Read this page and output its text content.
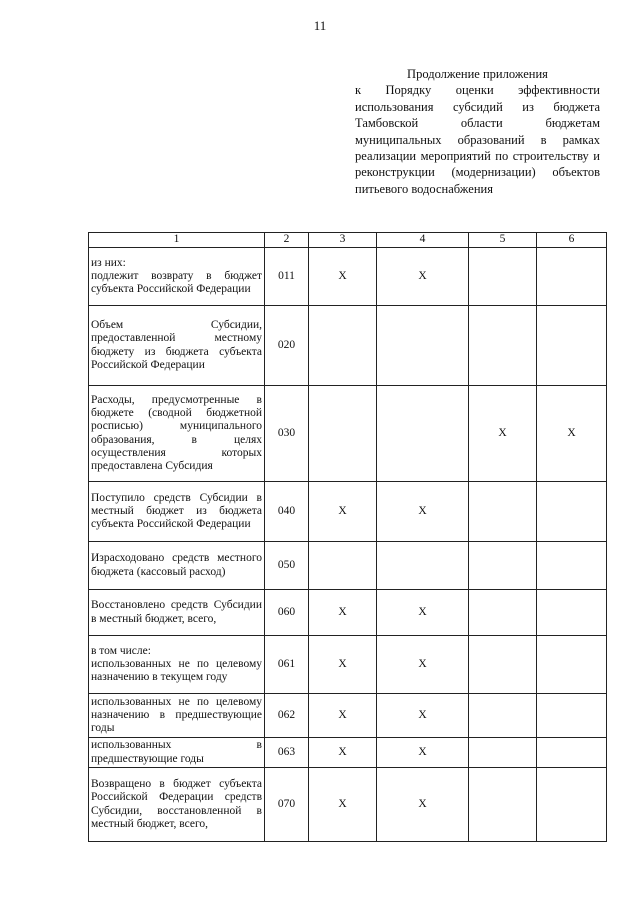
11
Продолжение приложения
к Порядку оценки эффективности использования субсидий из бюджета Тамбовской области бюджетам муниципальных образований в рамках реализации мероприятий по строительству и реконструкции (модернизации) объектов питьевого водоснабжения
1	2	3	4	5	6

из них:
подлежит возврату в бюджет субъекта Российской Федерации	011	X	X		

Объем Субсидии, предоставленной местному бюджету из бюджета субъекта Российской Федерации	020				

Расходы, предусмотренные в бюджете (сводной бюджетной росписью) муниципального образования, в целях осуществления которых предоставлена Субсидия	030			X	X

Поступило средств Субсидии в местный бюджет из бюджета субъекта Российской Федерации	040	X	X		

Израсходовано средств местного бюджета (кассовый расход)	050				

Восстановлено средств Субсидии в местный бюджет, всего,	060	X	X		

в том числе:
использованных не по целевому назначению в текущем году	061	X	X		

использованных не по целевому назначению в предшествующие годы	062	X	X		

использованных в предшествующие годы	063	X	X		

Возвращено в бюджет субъекта Российской Федерации средств Субсидии, восстановленной в местный бюджет, всего,	070	X	X		
